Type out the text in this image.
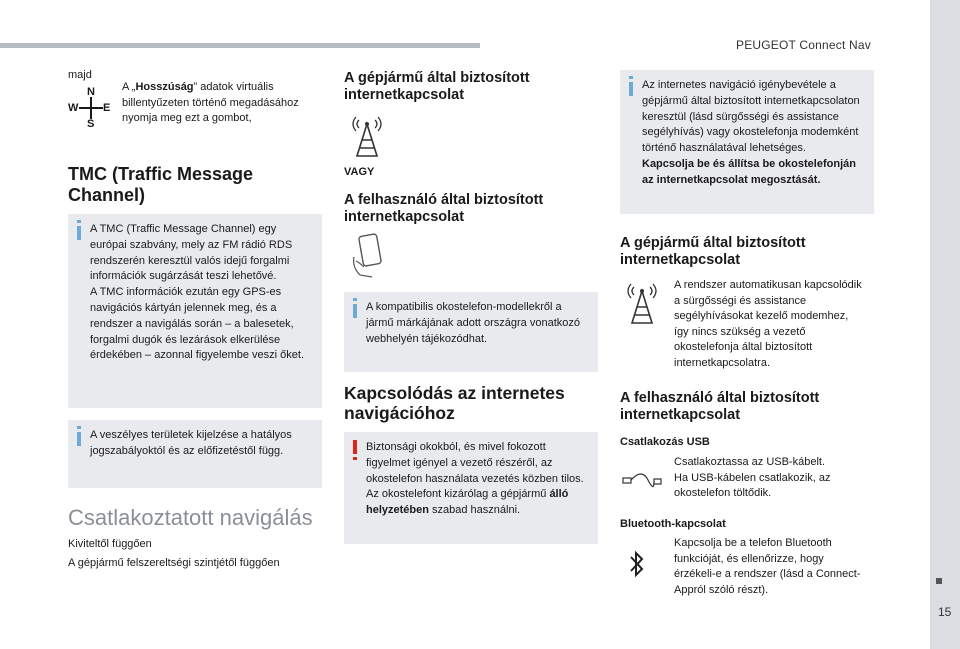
PEUGEOT Connect Nav
15
majd
N
W E
S
A „Hosszúság” adatok virtuális billentyűzeten történő megadásához nyomja meg ezt a gombot,
TMC (Traffic Message Channel)
A TMC (Traffic Message Channel) egy európai szabvány, mely az FM rádió RDS rendszerén keresztül valós idejű forgalmi információk sugárzását teszi lehetővé.
A TMC információk ezután egy GPS-es navigációs kártyán jelennek meg, és a rendszer a navigálás során – a balesetek, forgalmi dugók és lezárások elkerülése érdekében – azonnal figyelembe veszi őket.
A veszélyes területek kijelzése a hatályos jogszabályoktól és az előfizetéstől függ.
Csatlakoztatott navigálás
Kiviteltől függően
A gépjármű felszereltségi szintjétől függően
A gépjármű által biztosított internetkapcsolat
VAGY
A felhasználó által biztosított internetkapcsolat
A kompatibilis okostelefon-modellekről a jármű márkájának adott országra vonatkozó webhelyén tájékozódhat.
Kapcsolódás az internetes navigációhoz
Biztonsági okokból, és mivel fokozott figyelmet igényel a vezető részéről, az okostelefon használata vezetés közben tilos.
Az okostelefont kizárólag a gépjármű álló helyzetében szabad használni.
Az internetes navigáció igénybevétele a gépjármű által biztosított internetkapcsolaton keresztül (lásd sürgősségi és assistance segélyhívás) vagy okostelefonja modemként történő használatával lehetséges.
Kapcsolja be és állítsa be okostelefonján az internetkapcsolat megosztását.
A gépjármű által biztosított internetkapcsolat
A rendszer automatikusan kapcsolódik a sürgősségi és assistance segélyhívásokat kezelő modemhez, így nincs szükség a vezető okostelefonja által biztosított internetkapcsolatra.
A felhasználó által biztosított internetkapcsolat
Csatlakozás USB
Csatlakoztassa az USB-kábelt.
Ha USB-kábelen csatlakozik, az okostelefon töltődik.
Bluetooth-kapcsolat
Kapcsolja be a telefon Bluetooth funkcióját, és ellenőrizze, hogy érzékeli-e a rendszer (lásd a Connect-Appról szóló részt).
